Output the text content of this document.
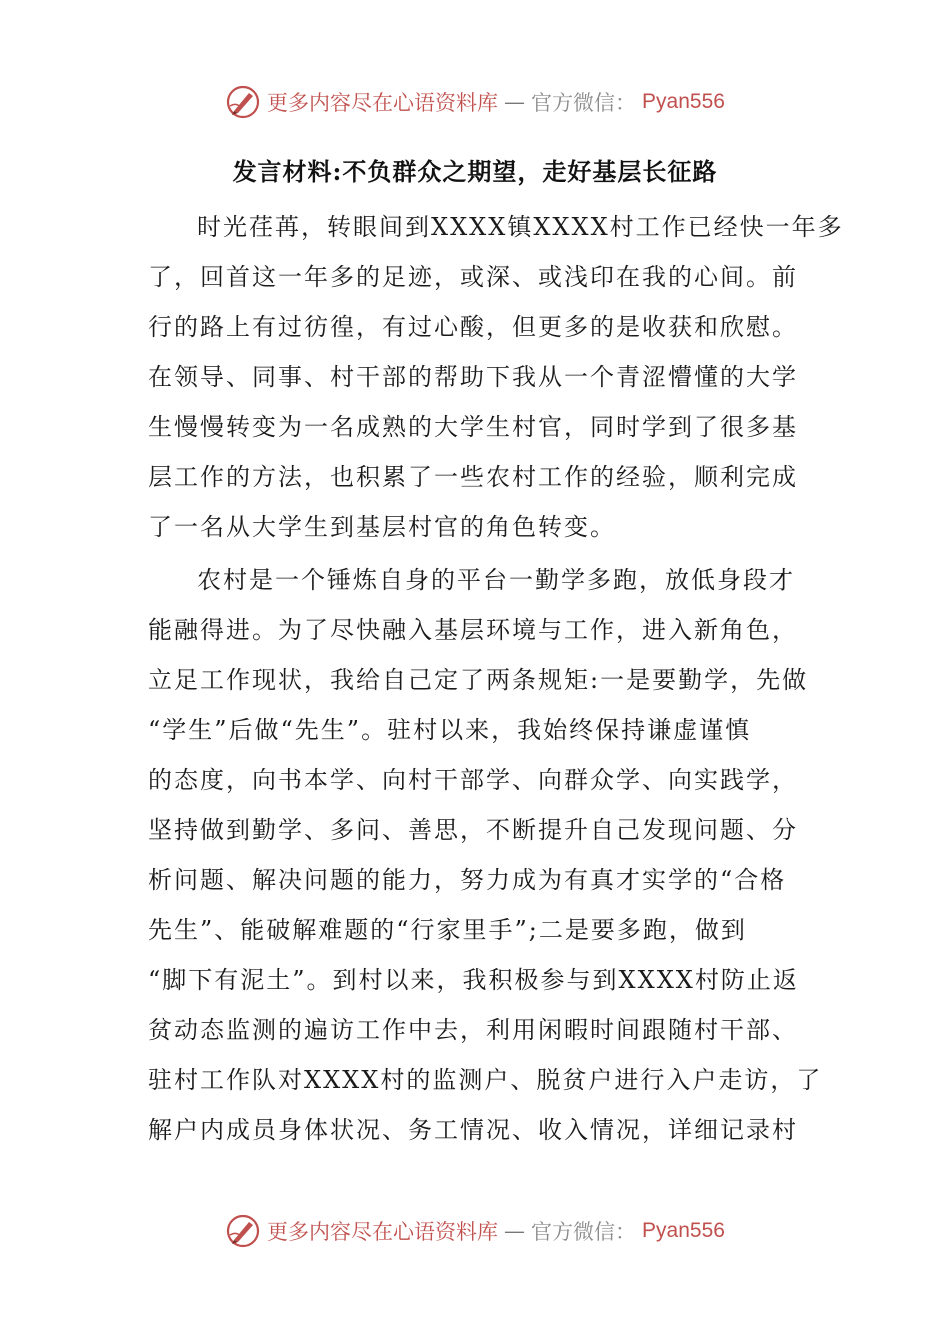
更多内容尽在心语资料库 — 官方微信： Pyan556
发言材料:不负群众之期望，走好基层长征路
时光荏苒，转眼间到XXXX镇XXXX村工作已经快一年多
了，回首这一年多的足迹，或深、或浅印在我的心间。前
行的路上有过彷徨，有过心酸，但更多的是收获和欣慰。
在领导、同事、村干部的帮助下我从一个青涩懵懂的大学
生慢慢转变为一名成熟的大学生村官，同时学到了很多基
层工作的方法，也积累了一些农村工作的经验，顺利完成
了一名从大学生到基层村官的角色转变。
农村是一个锤炼自身的平台一勤学多跑，放低身段才
能融得进。为了尽快融入基层环境与工作，进入新角色，
立足工作现状，我给自己定了两条规矩:一是要勤学，先做
“学生”后做“先生”。驻村以来，我始终保持谦虚谨慎
的态度，向书本学、向村干部学、向群众学、向实践学，
坚持做到勤学、多问、善思，不断提升自己发现问题、分
析问题、解决问题的能力，努力成为有真才实学的“合格
先生”、能破解难题的“行家里手”;二是要多跑，做到
“脚下有泥土”。到村以来，我积极参与到XXXX村防止返
贫动态监测的遍访工作中去，利用闲暇时间跟随村干部、
驻村工作队对XXXX村的监测户、脱贫户进行入户走访，了
解户内成员身体状况、务工情况、收入情况，详细记录村
更多内容尽在心语资料库 — 官方微信： Pyan556
